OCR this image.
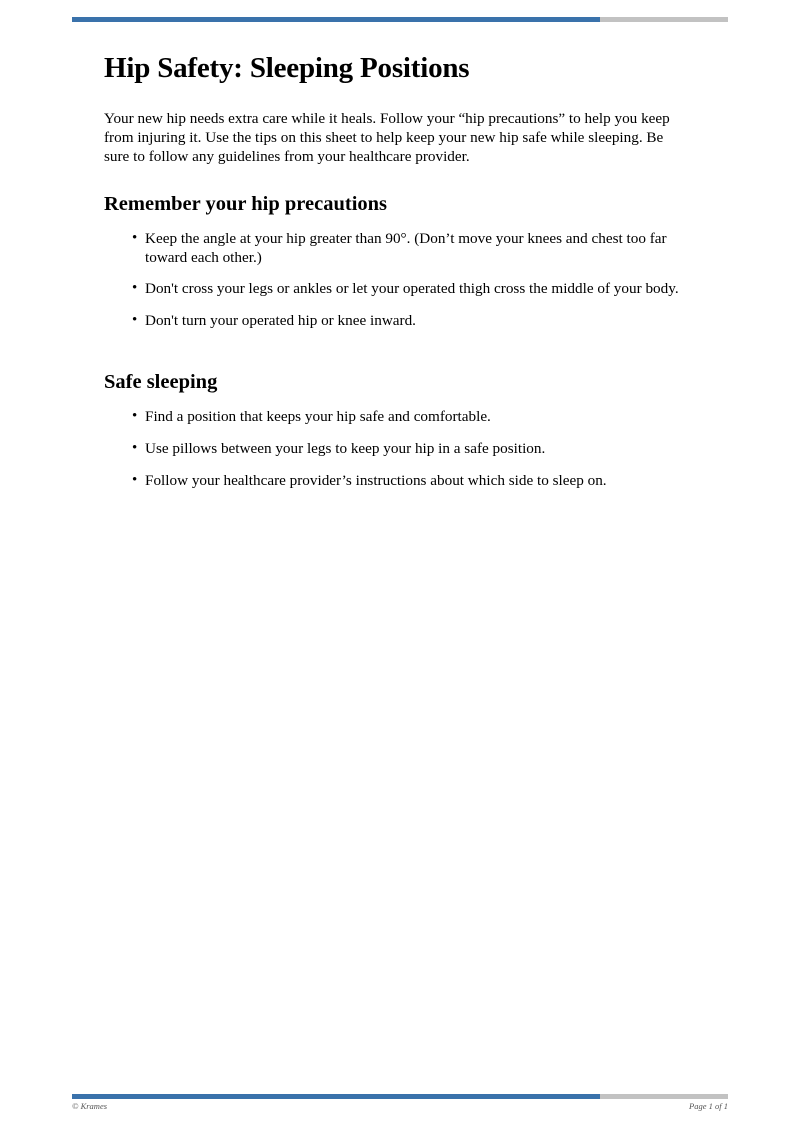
Hip Safety: Sleeping Positions

Your new hip needs extra care while it heals. Follow your “hip precautions” to help you keep from injuring it. Use the tips on this sheet to help keep your new hip safe while sleeping. Be sure to follow any guidelines from your healthcare provider.

Remember your hip precautions
• Keep the angle at your hip greater than 90°. (Don’t move your knees and chest too far toward each other.)
• Don't cross your legs or ankles or let your operated thigh cross the middle of your body.
• Don't turn your operated hip or knee inward.
Safe sleeping
• Find a position that keeps your hip safe and comfortable.
• Use pillows between your legs to keep your hip in a safe position.
• Follow your healthcare provider’s instructions about which side to sleep on.
© Krames	Page 1 of 1
